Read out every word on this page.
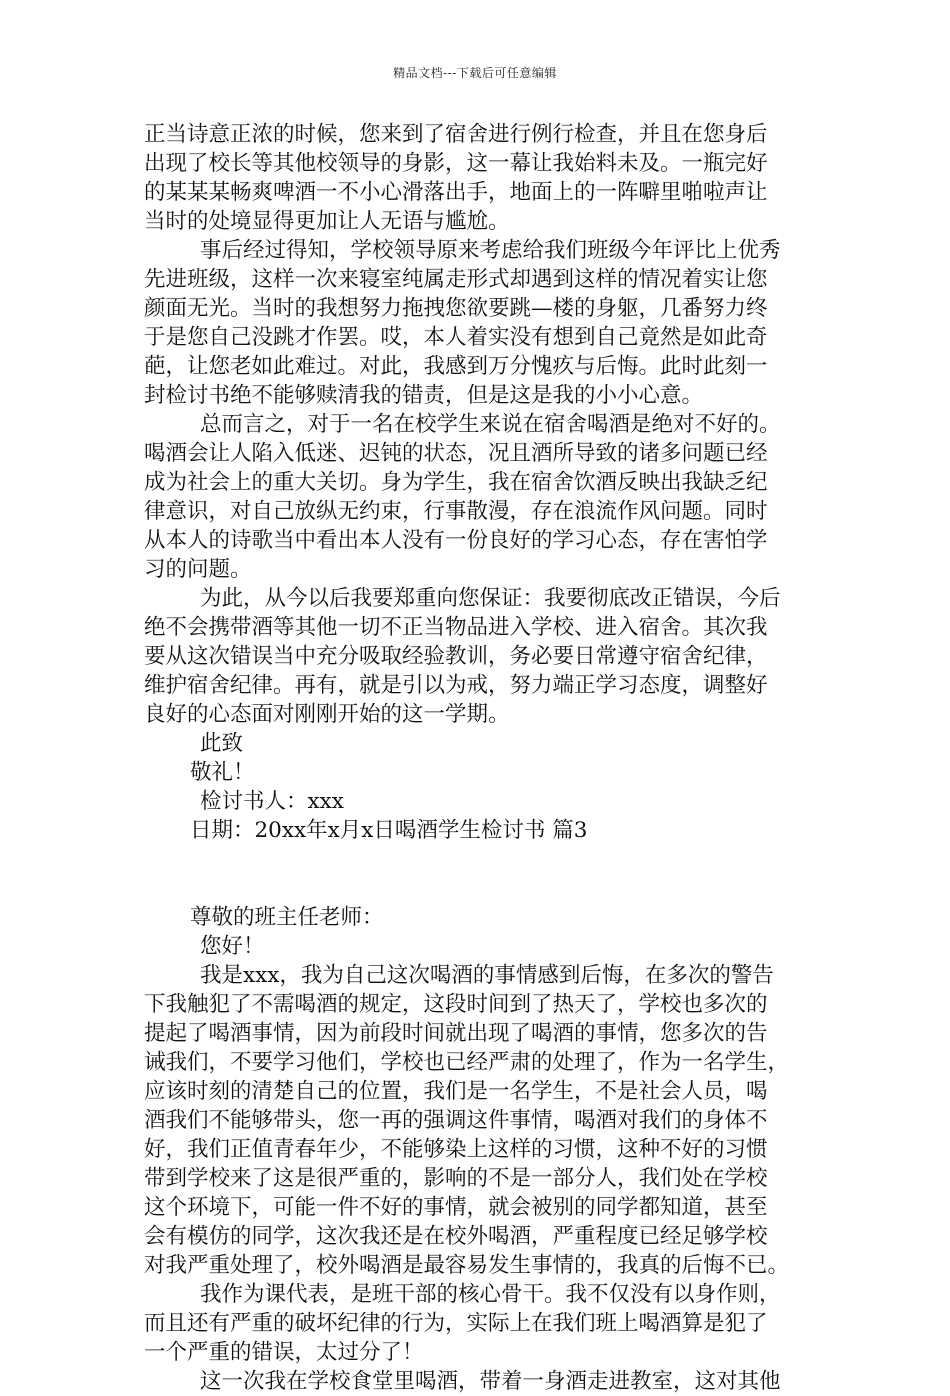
精品文档---下载后可任意编辑
正当诗意正浓的时候，您来到了宿舍进行例行检查，并且在您身后
出现了校长等其他校领导的身影，这一幕让我始料未及。一瓶完好
的某某某畅爽啤酒一不小心滑落出手，地面上的一阵噼里啪啦声让
当时的处境显得更加让人无语与尴尬。
事后经过得知，学校领导原来考虑给我们班级今年评比上优秀
先进班级，这样一次来寝室纯属走形式却遇到这样的情况着实让您
颜面无光。当时的我想努力拖拽您欲要跳—楼的身躯，几番努力终
于是您自己没跳才作罢。哎，本人着实没有想到自己竟然是如此奇
葩，让您老如此难过。对此，我感到万分愧疚与后悔。此时此刻一
封检讨书绝不能够赎清我的错责，但是这是我的小小心意。
总而言之，对于一名在校学生来说在宿舍喝酒是绝对不好的。
喝酒会让人陷入低迷、迟钝的状态，况且酒所导致的诸多问题已经
成为社会上的重大关切。身为学生，我在宿舍饮酒反映出我缺乏纪
律意识，对自己放纵无约束，行事散漫，存在浪流作风问题。同时
从本人的诗歌当中看出本人没有一份良好的学习心态，存在害怕学
习的问题。
为此，从今以后我要郑重向您保证：我要彻底改正错误，今后
绝不会携带酒等其他一切不正当物品进入学校、进入宿舍。其次我
要从这次错误当中充分吸取经验教训，务必要日常遵守宿舍纪律，
维护宿舍纪律。再有，就是引以为戒，努力端正学习态度，调整好
良好的心态面对刚刚开始的这一学期。
此致
敬礼！
检讨书人：xxx
日期：20xx年x月x日喝酒学生检讨书 篇3
尊敬的班主任老师：
您好！
我是xxx，我为自己这次喝酒的事情感到后悔，在多次的警告
下我触犯了不需喝酒的规定，这段时间到了热天了，学校也多次的
提起了喝酒事情，因为前段时间就出现了喝酒的事情，您多次的告
诫我们，不要学习他们，学校也已经严肃的处理了，作为一名学生，
应该时刻的清楚自己的位置，我们是一名学生，不是社会人员，喝
酒我们不能够带头，您一再的强调这件事情，喝酒对我们的身体不
好，我们正值青春年少，不能够染上这样的习惯，这种不好的习惯
带到学校来了这是很严重的，影响的不是一部分人，我们处在学校
这个环境下，可能一件不好的事情，就会被别的同学都知道，甚至
会有模仿的同学，这次我还是在校外喝酒，严重程度已经足够学校
对我严重处理了，校外喝酒是最容易发生事情的，我真的后悔不已。
我作为课代表，是班干部的核心骨干。我不仅没有以身作则，
而且还有严重的破坏纪律的行为，实际上在我们班上喝酒算是犯了
一个严重的错误，太过分了！
这一次我在学校食堂里喝酒，带着一身酒走进教室，这对其他
